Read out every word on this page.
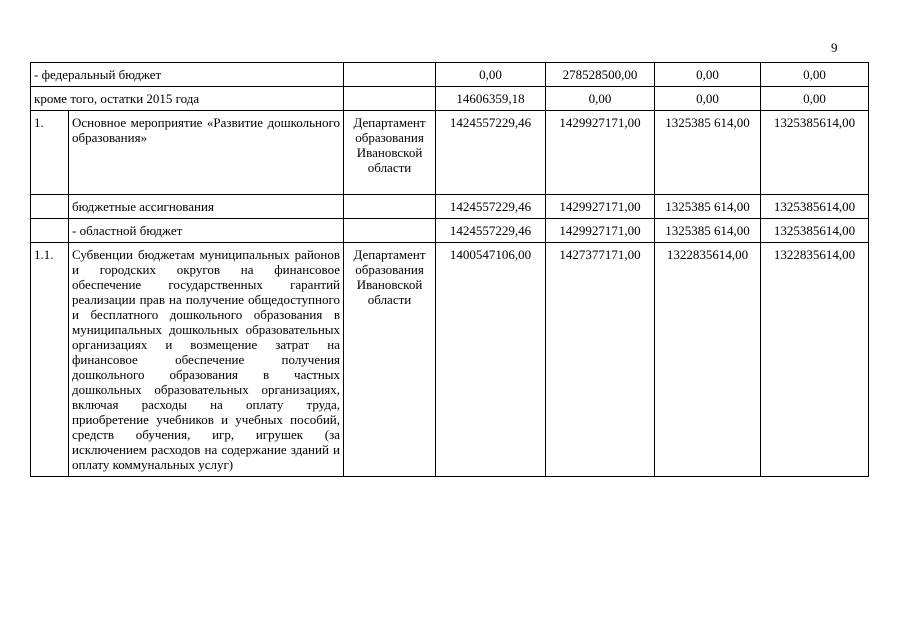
9
- федеральный бюджет			0,00	278528500,00	0,00	0,00
кроме того, остатки 2015 года			14606359,18	0,00	0,00	0,00
1.	Основное мероприятие «Развитие дошкольного образования»	Департамент образования Ивановской области	1424557229,46	1429927171,00	1325385 614,00	1325385614,00
	бюджетные ассигнования		1424557229,46	1429927171,00	1325385 614,00	1325385614,00
	- областной бюджет		1424557229,46	1429927171,00	1325385 614,00	1325385614,00
1.1.	Субвенции бюджетам муниципальных районов и городских округов на финансовое обеспечение государственных гарантий реализации прав на получение общедоступного и бесплатного дошкольного образования в муниципальных дошкольных образовательных организациях и возмещение затрат на финансовое обеспечение получения дошкольного образования в частных дошкольных образовательных организациях, включая расходы на оплату труда, приобретение учебников и учебных пособий, средств обучения, игр, игрушек (за исключением расходов на содержание зданий и оплату коммунальных услуг)	Департамент образования Ивановской области	1400547106,00	1427377171,00	1322835614,00	1322835614,00
